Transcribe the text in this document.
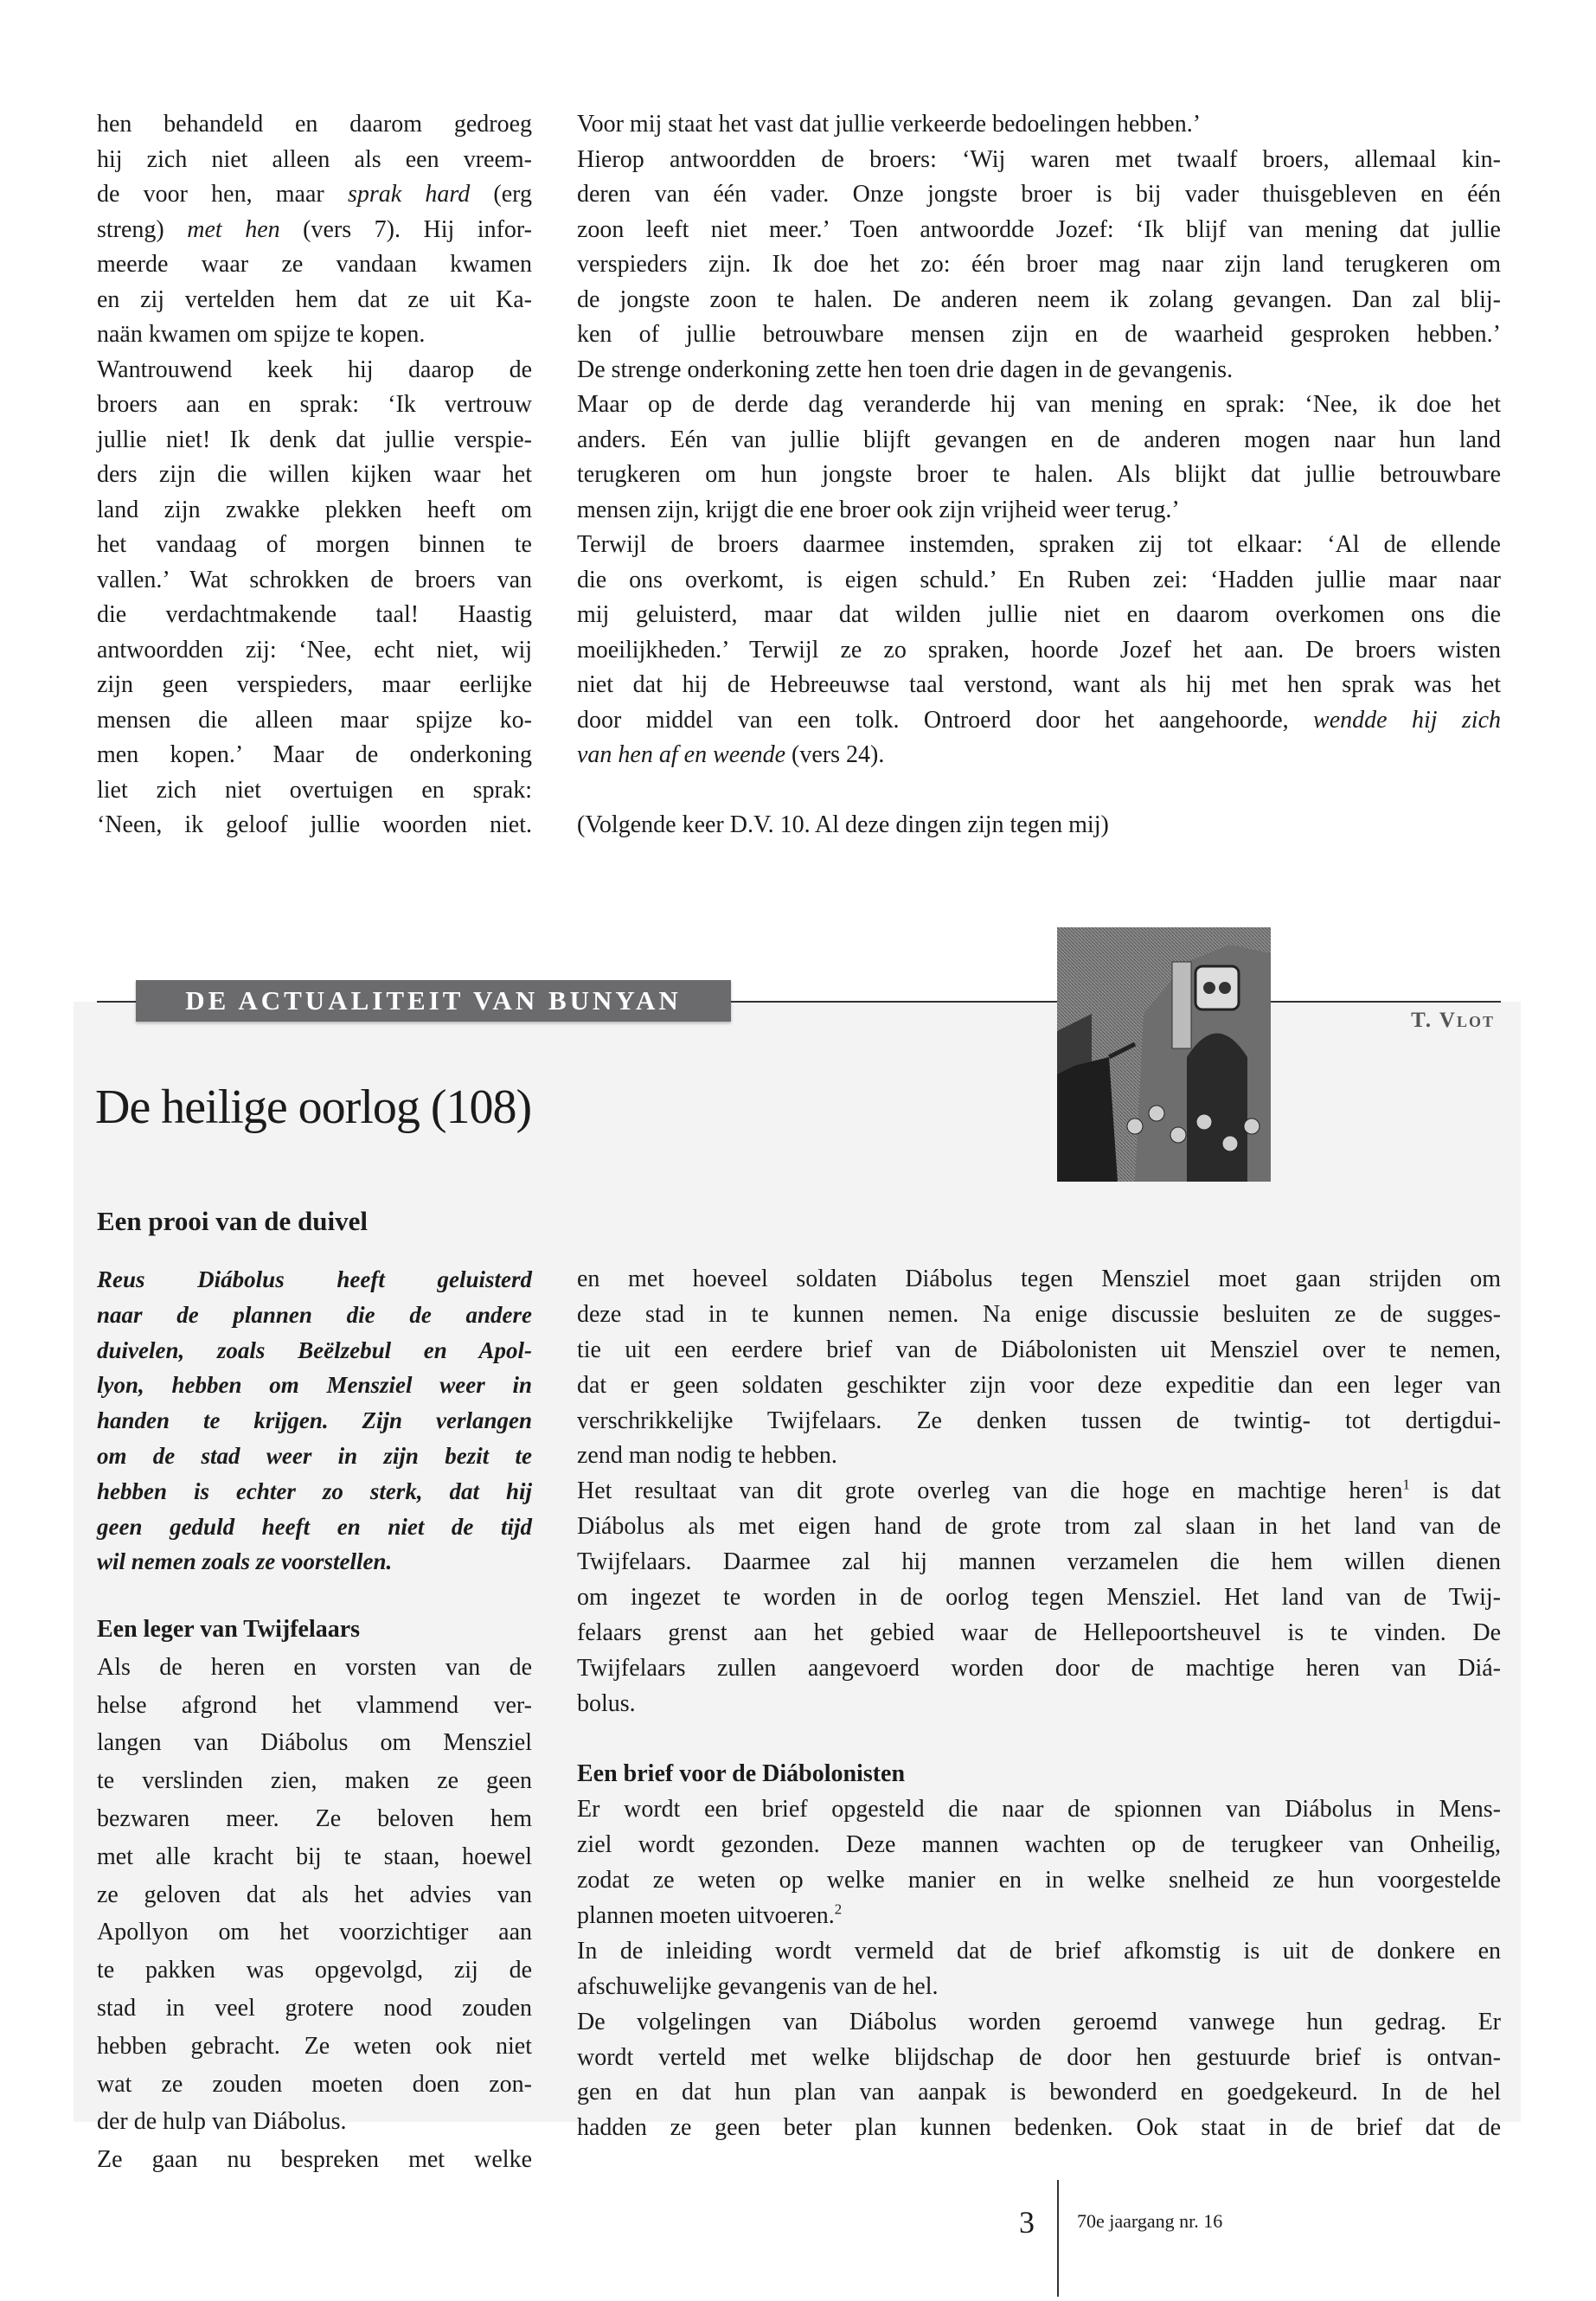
hen behandeld en daarom gedroeg
hij zich niet alleen als een vreem-
de voor hen, maar sprak hard (erg
streng) met hen (vers 7). Hij infor-
meerde waar ze vandaan kwamen
en zij vertelden hem dat ze uit Ka-
naän kwamen om spijze te kopen.
Wantrouwend keek hij daarop de
broers aan en sprak: ‘Ik vertrouw
jullie niet! Ik denk dat jullie verspie-
ders zijn die willen kijken waar het
land zijn zwakke plekken heeft om
het vandaag of morgen binnen te
vallen.’ Wat schrokken de broers van
die verdachtmakende taal! Haastig
antwoordden zij: ‘Nee, echt niet, wij
zijn geen verspieders, maar eerlijke
mensen die alleen maar spijze ko-
men kopen.’ Maar de onderkoning
liet zich niet overtuigen en sprak:
‘Neen, ik geloof jullie woorden niet.
Voor mij staat het vast dat jullie verkeerde bedoelingen hebben.’
Hierop antwoordden de broers: ‘Wij waren met twaalf broers, allemaal kin-
deren van één vader. Onze jongste broer is bij vader thuisgebleven en één
zoon leeft niet meer.’ Toen antwoordde Jozef: ‘Ik blijf van mening dat jullie
verspieders zijn. Ik doe het zo: één broer mag naar zijn land terugkeren om
de jongste zoon te halen. De anderen neem ik zolang gevangen. Dan zal blij-
ken of jullie betrouwbare mensen zijn en de waarheid gesproken hebben.’
De strenge onderkoning zette hen toen drie dagen in de gevangenis.
Maar op de derde dag veranderde hij van mening en sprak: ‘Nee, ik doe het
anders. Eén van jullie blijft gevangen en de anderen mogen naar hun land
terugkeren om hun jongste broer te halen. Als blijkt dat jullie betrouwbare
mensen zijn, krijgt die ene broer ook zijn vrijheid weer terug.’
Terwijl de broers daarmee instemden, spraken zij tot elkaar: ‘Al de ellende
die ons overkomt, is eigen schuld.’ En Ruben zei: ‘Hadden jullie maar naar
mij geluisterd, maar dat wilden jullie niet en daarom overkomen ons die
moeilijkheden.’ Terwijl ze zo spraken, hoorde Jozef het aan. De broers wisten
niet dat hij de Hebreeuwse taal verstond, want als hij met hen sprak was het
door middel van een tolk. Ontroerd door het aangehoorde, wendde hij zich
van hen af en weende (vers 24).
(Volgende keer D.V. 10. Al deze dingen zijn tegen mij)
DE ACTUALITEIT VAN BUNYAN
T. Vlot
De heilige oorlog (108)
Een prooi van de duivel
Reus Diábolus heeft geluisterd
naar de plannen die de andere
duivelen, zoals Beëlzebul en Apol-
lyon, hebben om Mensziel weer in
handen te krijgen. Zijn verlangen
om de stad weer in zijn bezit te
hebben is echter zo sterk, dat hij
geen geduld heeft en niet de tijd
wil nemen zoals ze voorstellen.
Een leger van Twijfelaars
Als de heren en vorsten van de
helse afgrond het vlammend ver-
langen van Diábolus om Mensziel
te verslinden zien, maken ze geen
bezwaren meer. Ze beloven hem
met alle kracht bij te staan, hoewel
ze geloven dat als het advies van
Apollyon om het voorzichtiger aan
te pakken was opgevolgd, zij de
stad in veel grotere nood zouden
hebben gebracht. Ze weten ook niet
wat ze zouden moeten doen zon-
der de hulp van Diábolus.
Ze gaan nu bespreken met welke
en met hoeveel soldaten Diábolus tegen Mensziel moet gaan strijden om
deze stad in te kunnen nemen. Na enige discussie besluiten ze de sugges-
tie uit een eerdere brief van de Diábolonisten uit Mensziel over te nemen,
dat er geen soldaten geschikter zijn voor deze expeditie dan een leger van
verschrikkelijke Twijfelaars. Ze denken tussen de twintig- tot dertigdui-
zend man nodig te hebben.
Het resultaat van dit grote overleg van die hoge en machtige heren$^1$ is dat
Diábolus als met eigen hand de grote trom zal slaan in het land van de
Twijfelaars. Daarmee zal hij mannen verzamelen die hem willen dienen
om ingezet te worden in de oorlog tegen Mensziel. Het land van de Twij-
felaars grenst aan het gebied waar de Hellepoortsheuvel is te vinden. De
Twijfelaars zullen aangevoerd worden door de machtige heren van Diá-
bolus.
Een brief voor de Diábolonisten
Er wordt een brief opgesteld die naar de spionnen van Diábolus in Mens-
ziel wordt gezonden. Deze mannen wachten op de terugkeer van Onheilig,
zodat ze weten op welke manier en in welke snelheid ze hun voorgestelde
plannen moeten uitvoeren.$^2$
In de inleiding wordt vermeld dat de brief afkomstig is uit de donkere en
afschuwelijke gevangenis van de hel.
De volgelingen van Diábolus worden geroemd vanwege hun gedrag. Er
wordt verteld met welke blijdschap de door hen gestuurde brief is ontvan-
gen en dat hun plan van aanpak is bewonderd en goedgekeurd. In de hel
hadden ze geen beter plan kunnen bedenken. Ook staat in de brief dat de
3 70e jaargang nr. 16
